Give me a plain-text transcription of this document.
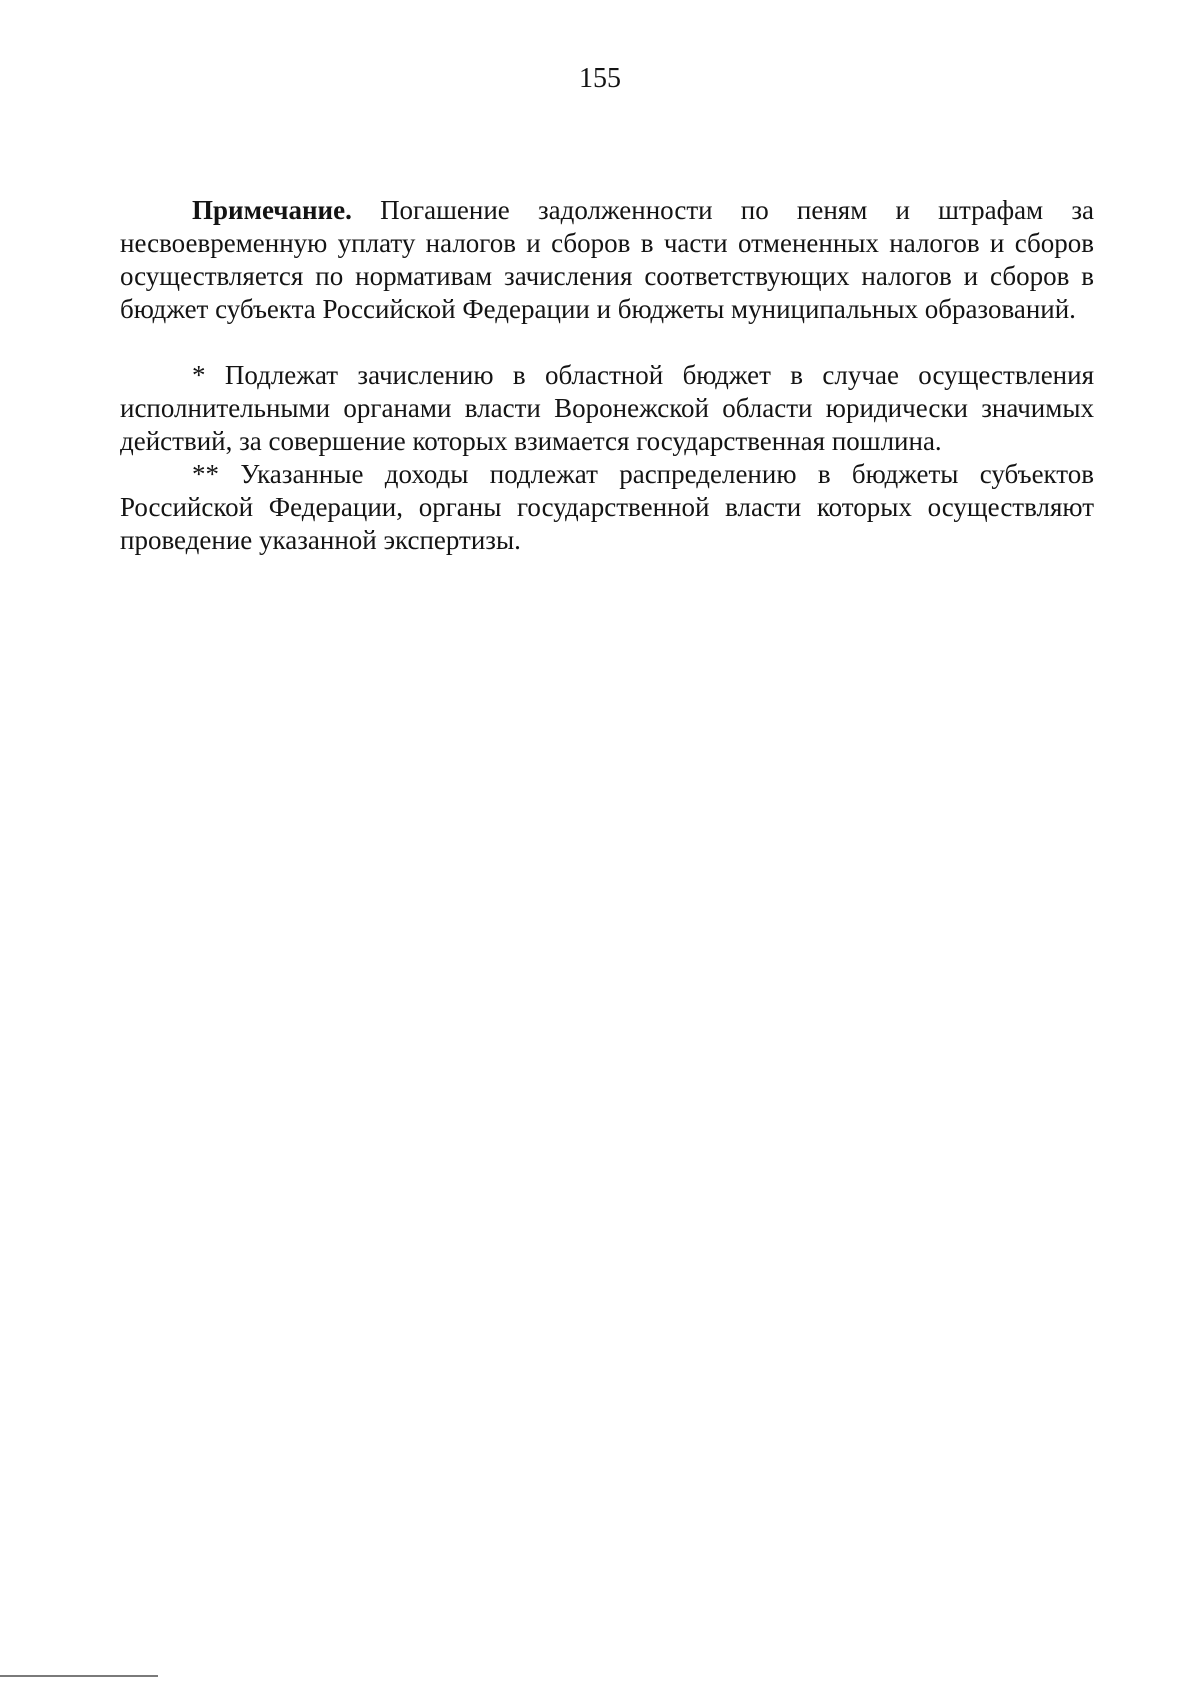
155

Примечание. Погашение задолженности по пеням и штрафам за несвоевременную уплату налогов и сборов в части отмененных налогов и сборов осуществляется по нормативам зачисления соответствующих налогов и сборов в бюджет субъекта Российской Федерации и бюджеты муниципальных образований.

* Подлежат зачислению в областной бюджет в случае осуществления исполнительными органами власти Воронежской области юридически значимых действий, за совершение которых взимается государственная пошлина.

** Указанные доходы подлежат распределению в бюджеты субъектов Российской Федерации, органы государственной власти которых осуществляют проведение указанной экспертизы.
